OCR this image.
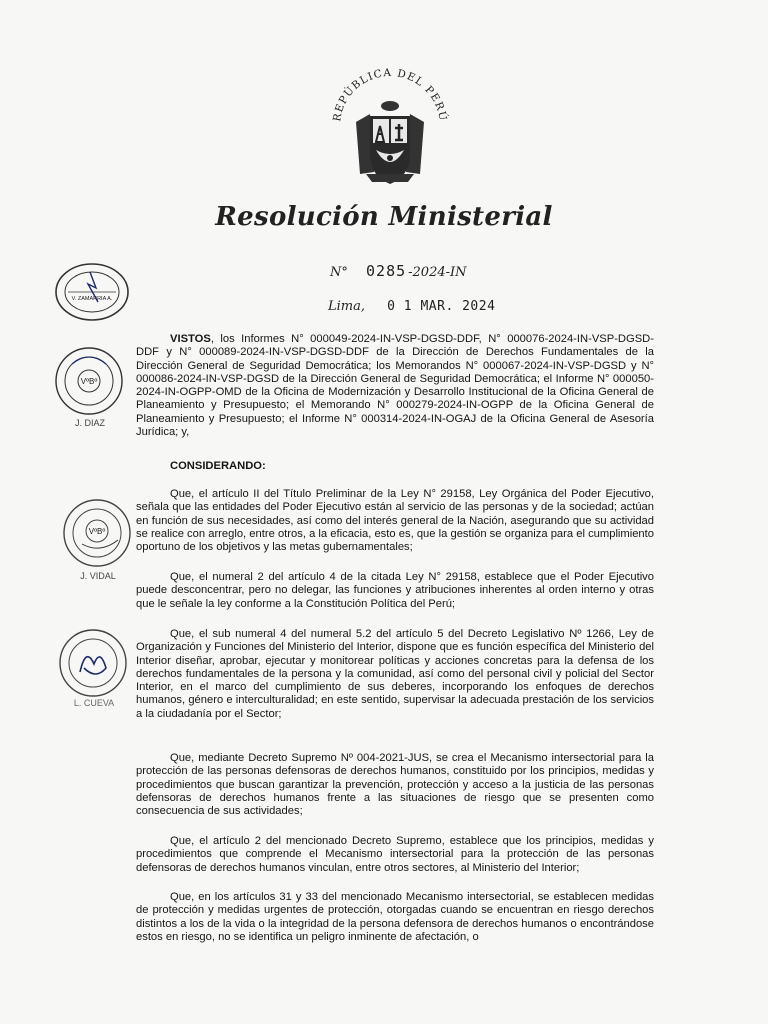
REPÚBLICA DEL PERÚ
Resolución Ministerial
N° 0285 -2024-IN
Lima, 0 1 MAR. 2024
V. ZAMARRIA A.
VºBº
J. DIAZ
VºBº
J. VIDAL
L. CUEVA

VISTOS, los Informes N° 000049-2024-IN-VSP-DGSD-DDF, N° 000076-2024-IN-VSP-DGSD-DDF y N° 000089-2024-IN-VSP-DGSD-DDF de la Dirección de Derechos Fundamentales de la Dirección General de Seguridad Democrática; los Memorandos N° 000067-2024-IN-VSP-DGSD y N° 000086-2024-IN-VSP-DGSD de la Dirección General de Seguridad Democrática; el Informe N° 000050-2024-IN-OGPP-OMD de la Oficina de Modernización y Desarrollo Institucional de la Oficina General de Planeamiento y Presupuesto; el Memorando N° 000279-2024-IN-OGPP de la Oficina General de Planeamiento y Presupuesto; el Informe N° 000314-2024-IN-OGAJ de la Oficina General de Asesoría Jurídica; y,

CONSIDERANDO:

Que, el artículo II del Título Preliminar de la Ley N° 29158, Ley Orgánica del Poder Ejecutivo, señala que las entidades del Poder Ejecutivo están al servicio de las personas y de la sociedad; actúan en función de sus necesidades, así como del interés general de la Nación, asegurando que su actividad se realice con arreglo, entre otros, a la eficacia, esto es, que la gestión se organiza para el cumplimiento oportuno de los objetivos y las metas gubernamentales;

Que, el numeral 2 del artículo 4 de la citada Ley N° 29158, establece que el Poder Ejecutivo puede desconcentrar, pero no delegar, las funciones y atribuciones inherentes al orden interno y otras que le señale la ley conforme a la Constitución Política del Perú;

Que, el sub numeral 4 del numeral 5.2 del artículo 5 del Decreto Legislativo Nº 1266, Ley de Organización y Funciones del Ministerio del Interior, dispone que es función específica del Ministerio del Interior diseñar, aprobar, ejecutar y monitorear políticas y acciones concretas para la defensa de los derechos fundamentales de la persona y la comunidad, así como del personal civil y policial del Sector Interior, en el marco del cumplimiento de sus deberes, incorporando los enfoques de derechos humanos, género e interculturalidad; en este sentido, supervisar la adecuada prestación de los servicios a la ciudadanía por el Sector;

Que, mediante Decreto Supremo Nº 004-2021-JUS, se crea el Mecanismo intersectorial para la protección de las personas defensoras de derechos humanos, constituido por los principios, medidas y procedimientos que buscan garantizar la prevención, protección y acceso a la justicia de las personas defensoras de derechos humanos frente a las situaciones de riesgo que se presenten como consecuencia de sus actividades;

Que, el artículo 2 del mencionado Decreto Supremo, establece que los principios, medidas y procedimientos que comprende el Mecanismo intersectorial para la protección de las personas defensoras de derechos humanos vinculan, entre otros sectores, al Ministerio del Interior;

Que, en los artículos 31 y 33 del mencionado Mecanismo intersectorial, se establecen medidas de protección y medidas urgentes de protección, otorgadas cuando se encuentran en riesgo derechos distintos a los de la vida o la integridad de la persona defensora de derechos humanos o encontrándose estos en riesgo, no se identifica un peligro inminente de afectación, o
